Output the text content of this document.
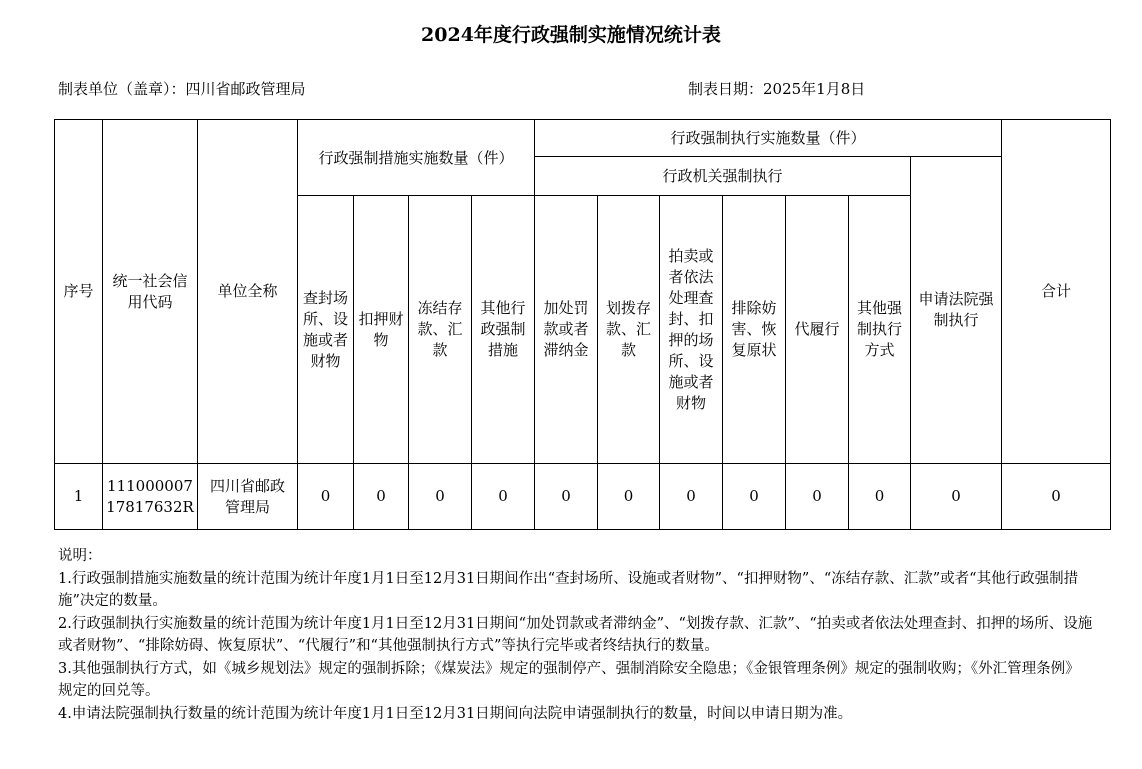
2024年度行政强制实施情况统计表
制表单位（盖章）：四川省邮政管理局	制表日期：2025年1月8日
序号	统一社会信用代码	单位全称	行政强制措施实施数量（件）				行政强制执行实施数量（件）							合计
							行政机关强制执行						申请法院强制执行	
			查封场所、设施或者财物	扣押财物	冻结存款、汇款	其他行政强制措施	加处罚款或者滞纳金	划拨存款、汇款	拍卖或者依法处理查封、扣押的场所、设施或者财物	排除妨害、恢复原状	代履行	其他强制执行方式		
1	11100000717817632R	四川省邮政管理局	0	0	0	0	0	0	0	0	0	0	0	0

说明：

1.行政强制措施实施数量的统计范围为统计年度1月1日至12月31日期间作出“查封场所、设施或者财物”、“扣押财物”、“冻结存款、汇款”或者“其他行政强制措施”决定的数量。

2.行政强制执行实施数量的统计范围为统计年度1月1日至12月31日期间“加处罚款或者滞纳金”、“划拨存款、汇款”、“拍卖或者依法处理查封、扣押的场所、设施或者财物”、“排除妨碍、恢复原状”、“代履行”和“其他强制执行方式”等执行完毕或者终结执行的数量。

3.其他强制执行方式，如《城乡规划法》规定的强制拆除；《煤炭法》规定的强制停产、强制消除安全隐患；《金银管理条例》规定的强制收购；《外汇管理条例》规定的回兑等。

4.申请法院强制执行数量的统计范围为统计年度1月1日至12月31日期间向法院申请强制执行的数量，时间以申请日期为准。
